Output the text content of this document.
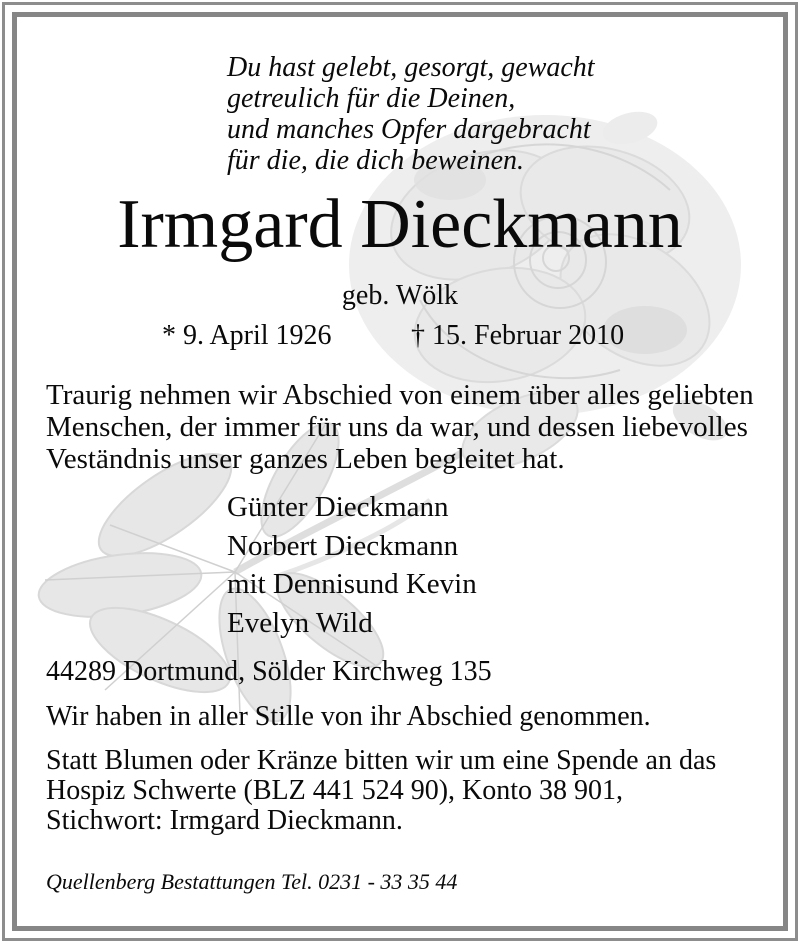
Du hast gelebt, gesorgt, gewacht
getreulich für die Deinen,
und manches Opfer dargebracht
für die, die dich beweinen.
Irmgard Dieckmann
geb. Wölk
* 9. April 1926	† 15. Februar 2010
Traurig nehmen wir Abschied von einem über alles geliebten
Menschen, der immer für uns da war, und dessen liebevolles
Veständnis unser ganzes Leben begleitet hat.
Günter Dieckmann
Norbert Dieckmann
mit Dennisund Kevin
Evelyn Wild
44289 Dortmund, Sölder Kirchweg 135
Wir haben in aller Stille von ihr Abschied genommen.
Statt Blumen oder Kränze bitten wir um eine Spende an das
Hospiz Schwerte (BLZ 441 524 90), Konto 38 901,
Stichwort: Irmgard Dieckmann.
Quellenberg Bestattungen Tel. 0231 - 33 35 44
